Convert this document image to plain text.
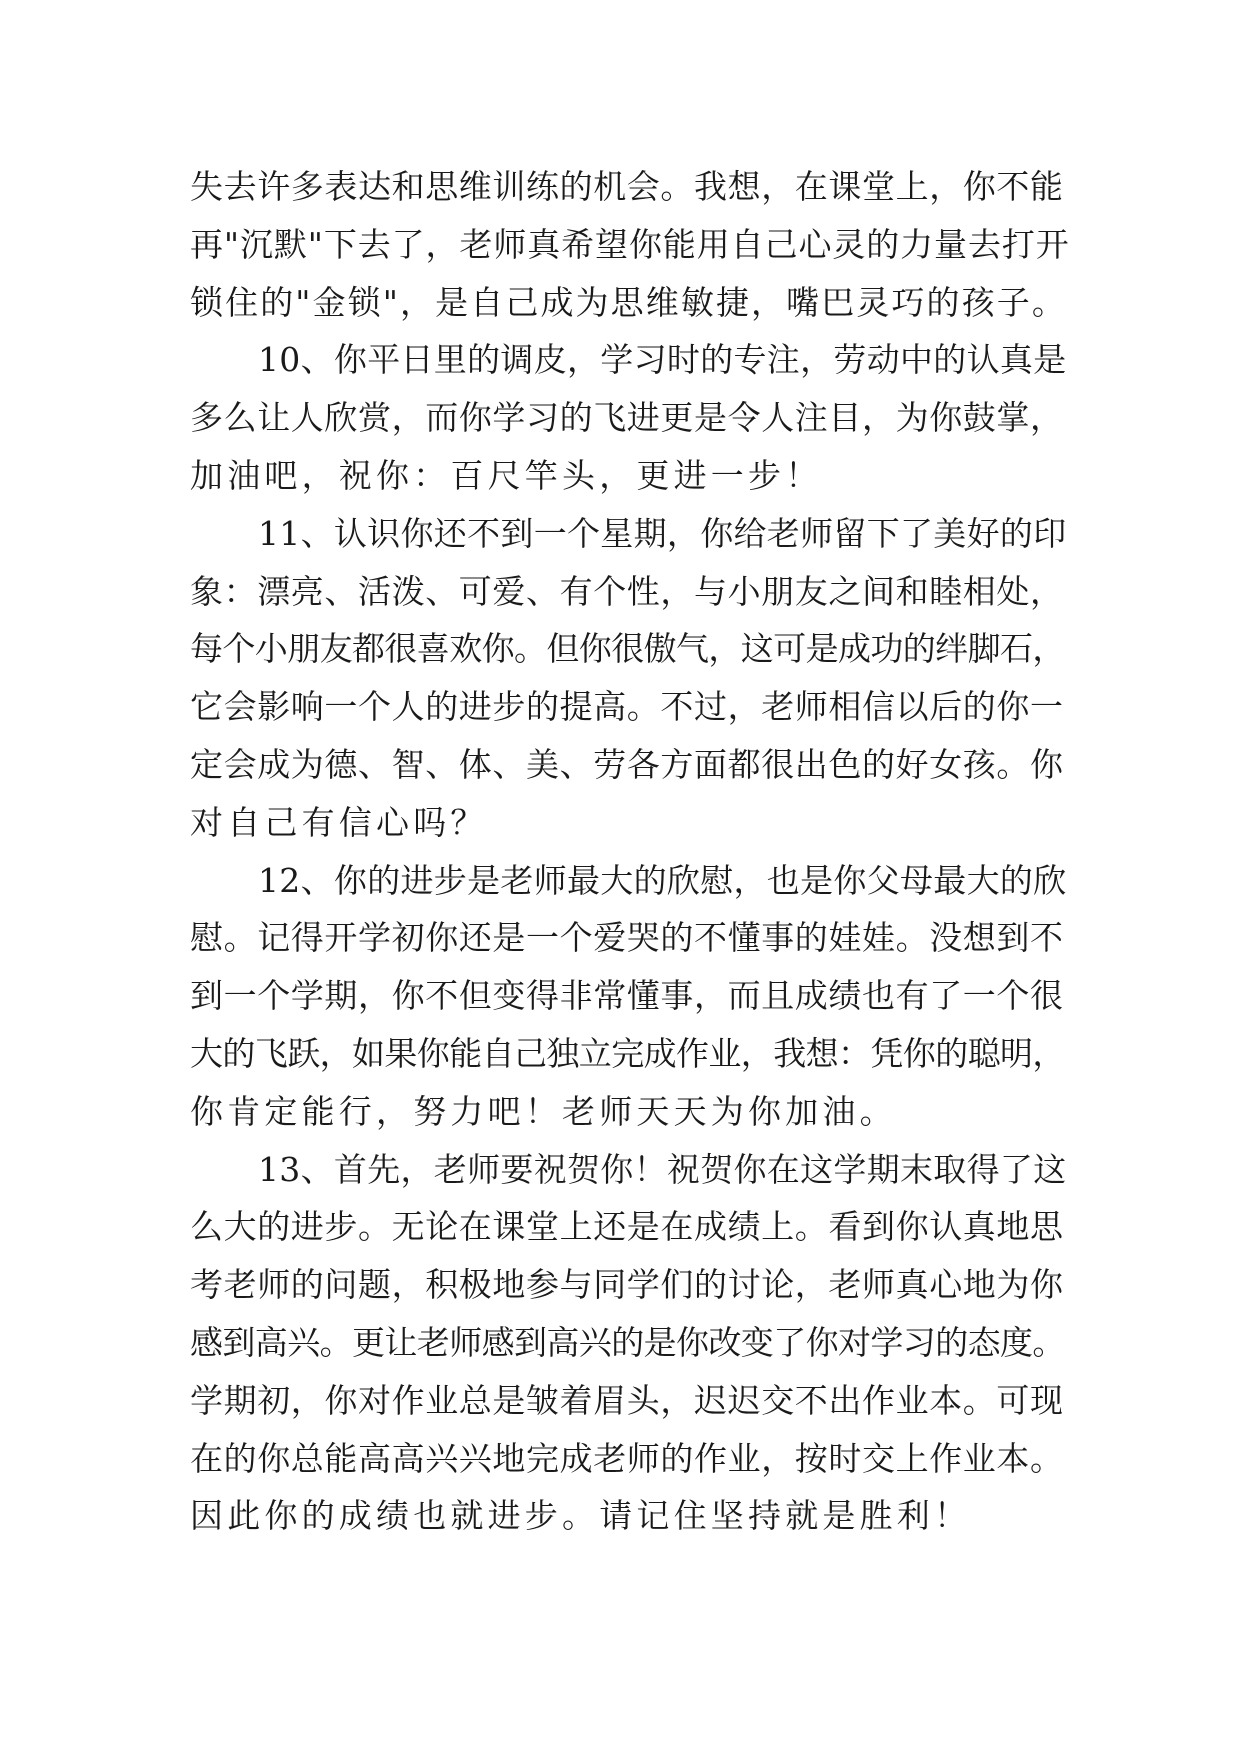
失去许多表达和思维训练的机会。我想，在课堂上，你不能
再"沉默"下去了，老师真希望你能用自己心灵的力量去打开
锁住的"金锁"，是自己成为思维敏捷，嘴巴灵巧的孩子。
10、你平日里的调皮，学习时的专注，劳动中的认真是
多么让人欣赏，而你学习的飞进更是令人注目，为你鼓掌，
加油吧，祝你：百尺竿头，更进一步！
11、认识你还不到一个星期，你给老师留下了美好的印
象：漂亮、活泼、可爱、有个性，与小朋友之间和睦相处，
每个小朋友都很喜欢你。但你很傲气，这可是成功的绊脚石，
它会影响一个人的进步的提高。不过，老师相信以后的你一
定会成为德、智、体、美、劳各方面都很出色的好女孩。你
对自己有信心吗？
12、你的进步是老师最大的欣慰，也是你父母最大的欣
慰。记得开学初你还是一个爱哭的不懂事的娃娃。没想到不
到一个学期，你不但变得非常懂事，而且成绩也有了一个很
大的飞跃，如果你能自己独立完成作业，我想：凭你的聪明，
你肯定能行，努力吧！老师天天为你加油。
13、首先，老师要祝贺你！祝贺你在这学期末取得了这
么大的进步。无论在课堂上还是在成绩上。看到你认真地思
考老师的问题，积极地参与同学们的讨论，老师真心地为你
感到高兴。更让老师感到高兴的是你改变了你对学习的态度。
学期初，你对作业总是皱着眉头，迟迟交不出作业本。可现
在的你总能高高兴兴地完成老师的作业，按时交上作业本。
因此你的成绩也就进步。请记住坚持就是胜利！
